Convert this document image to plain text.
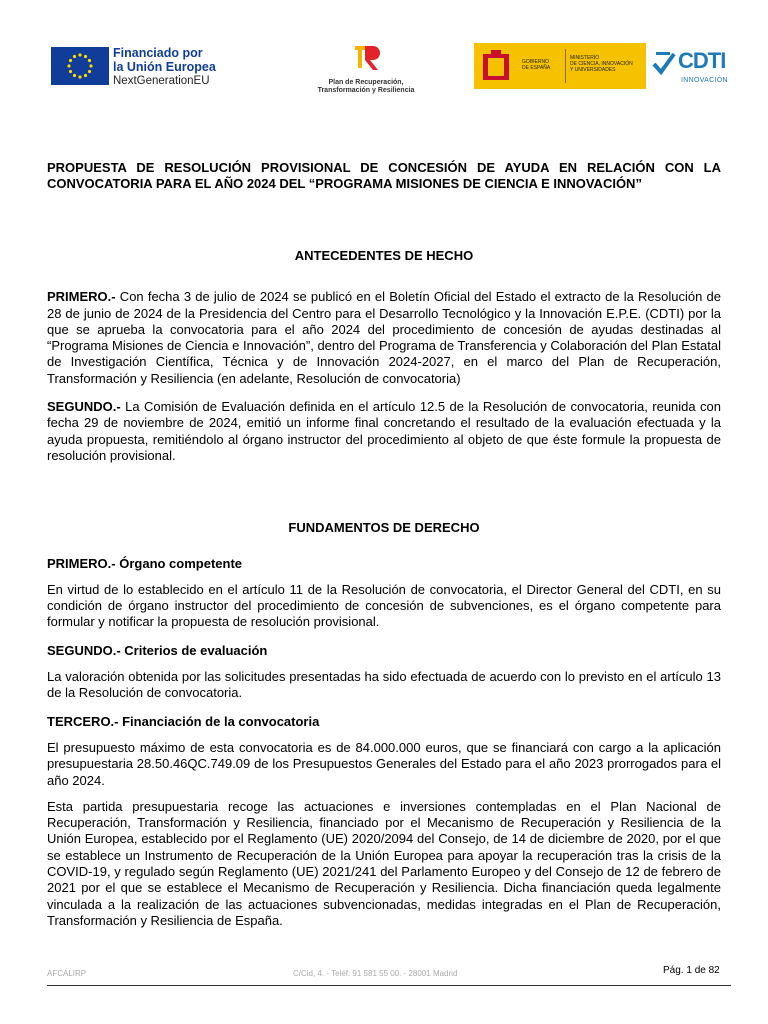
Financiado por
la Unión Europea
NextGenerationEU	Plan de Recuperación,
Transformación y Resiliencia
GOBIERNO
DE ESPAÑA
MINISTERIO
DE CIENCIA, INNOVACIÓN
Y UNIVERSIDADES	CDTI
INNOVACIÓN

PROPUESTA DE RESOLUCIÓN PROVISIONAL DE CONCESIÓN DE AYUDA EN RELACIÓN CON LA CONVOCATORIA PARA EL AÑO 2024 DEL “PROGRAMA MISIONES DE CIENCIA E INNOVACIÓN”

ANTECEDENTES DE HECHO

PRIMERO.- Con fecha 3 de julio de 2024 se publicó en el Boletín Oficial del Estado el extracto de la Resolución de 28 de junio de 2024 de la Presidencia del Centro para el Desarrollo Tecnológico y la Innovación E.P.E. (CDTI) por la que se aprueba la convocatoria para el año 2024 del procedimiento de concesión de ayudas destinadas al “Programa Misiones de Ciencia e Innovación”, dentro del Programa de Transferencia y Colaboración del Plan Estatal de Investigación Científica, Técnica y de Innovación 2024-2027, en el marco del Plan de Recuperación, Transformación y Resiliencia (en adelante, Resolución de convocatoria)

SEGUNDO.- La Comisión de Evaluación definida en el artículo 12.5 de la Resolución de convocatoria, reunida con fecha 29 de noviembre de 2024, emitió un informe final concretando el resultado de la evaluación efectuada y la ayuda propuesta, remitiéndolo al órgano instructor del procedimiento al objeto de que éste formule la propuesta de resolución provisional.

FUNDAMENTOS DE DERECHO

PRIMERO.- Órgano competente

En virtud de lo establecido en el artículo 11 de la Resolución de convocatoria, el Director General del CDTI, en su condición de órgano instructor del procedimiento de concesión de subvenciones, es el órgano competente para formular y notificar la propuesta de resolución provisional.

SEGUNDO.- Criterios de evaluación

La valoración obtenida por las solicitudes presentadas ha sido efectuada de acuerdo con lo previsto en el artículo 13 de la Resolución de convocatoria.

TERCERO.- Financiación de la convocatoria

El presupuesto máximo de esta convocatoria es de 84.000.000 euros, que se financiará con cargo a la aplicación presupuestaria 28.50.46QC.749.09 de los Presupuestos Generales del Estado para el año 2023 prorrogados para el año 2024.

Esta partida presupuestaria recoge las actuaciones e inversiones contempladas en el Plan Nacional de Recuperación, Transformación y Resiliencia, financiado por el Mecanismo de Recuperación y Resiliencia de la Unión Europea, establecido por el Reglamento (UE) 2020/2094 del Consejo, de 14 de diciembre de 2020, por el que se establece un Instrumento de Recuperación de la Unión Europea para apoyar la recuperación tras la crisis de la COVID-19, y regulado según Reglamento (UE) 2021/241 del Parlamento Europeo y del Consejo de 12 de febrero de 2021 por el que se establece el Mecanismo de Recuperación y Resiliencia. Dicha financiación queda legalmente vinculada a la realización de las actuaciones subvencionadas, medidas integradas en el Plan de Recuperación, Transformación y Resiliencia de España.

AFCALIRP	C/Cid, 4. - Teléf: 91 581 55 00. - 28001 Madrid	Pág. 1 de 82
